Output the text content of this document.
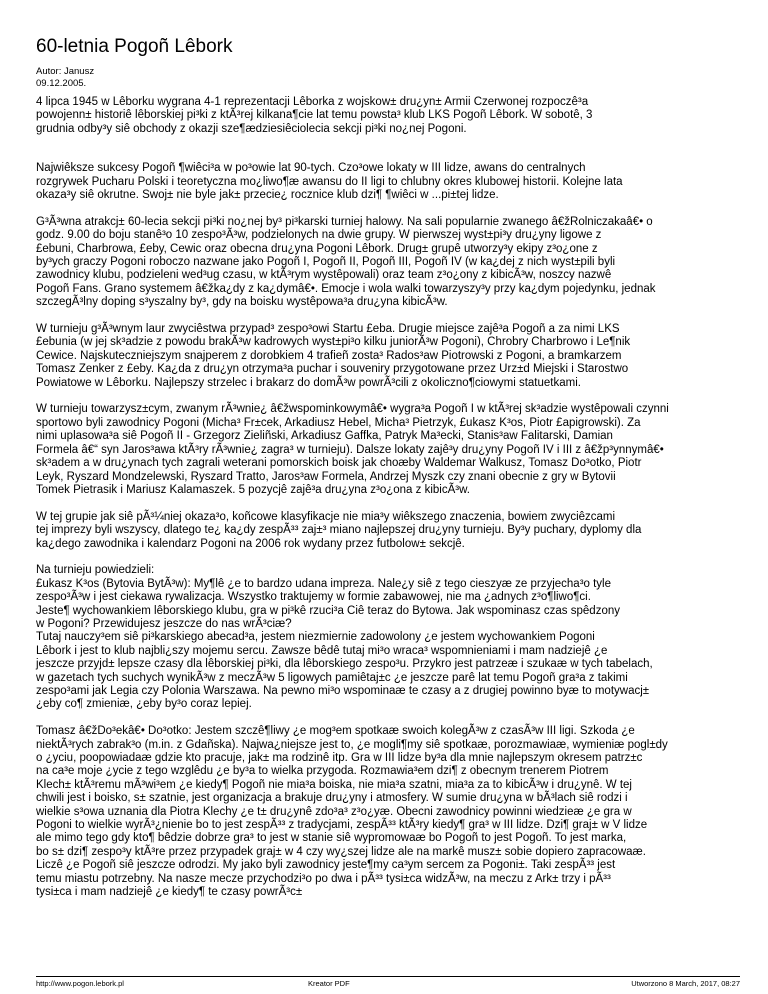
60-letnia Pogoñ Lêbork
Autor: Janusz
09.12.2005.

4 lipca 1945 w Lêborku wygrana 4-1 reprezentacji Lêborka z wojskow± dru¿yn± Armii Czerwonej rozpoczê³a
powojenn± historiê lêborskiej pi³ki z ktÃ³rej kilkana¶cie lat temu powsta³ klub LKS Pogoñ Lêbork. W sobotê, 3
grudnia odby³y siê obchody z okazji sze¶ædziesiêciolecia sekcji pi³ki no¿nej Pogoni.

Najwiêksze sukcesy Pogoñ ¶wiêci³a w po³owie lat 90-tych. Czo³owe lokaty w III lidze, awans do centralnych
rozgrywek Pucharu Polski i teoretyczna mo¿liwo¶æ awansu do II ligi to chlubny okres klubowej historii. Kolejne lata
okaza³y siê okrutne. Swoj± nie byle jak± przecie¿ rocznice klub dzi¶ ¶wiêci w ...pi±tej lidze.

G³Ã³wna atrakcj± 60-lecia sekcji pi³ki no¿nej by³ pi³karski turniej halowy. Na sali popularnie zwanego â€žRolniczakaâ€• o
godz. 9.00 do boju stanê³o 10 zespo³Ã³w, podzielonych na dwie grupy. W pierwszej wyst±pi³y dru¿yny ligowe z
£ebuni, Charbrowa, £eby, Cewic oraz obecna dru¿yna Pogoni Lêbork. Drug± grupê utworzy³y ekipy z³o¿one z
by³ych graczy Pogoni roboczo nazwane jako Pogoñ I, Pogoñ II, Pogoñ III, Pogoñ IV (w ka¿dej z nich wyst±pili byli
zawodnicy klubu, podzieleni wed³ug czasu, w ktÃ³rym wystêpowali) oraz team z³o¿ony z kibicÃ³w, noszcy nazwê
Pogoñ Fans. Grano systemem â€žka¿dy z ka¿dymâ€•. Emocje i wola walki towarzyszy³y przy ka¿dym pojedynku, jednak
szczegÃ³lny doping s³yszalny by³, gdy na boisku wystêpowa³a dru¿yna kibicÃ³w.

W turnieju g³Ã³wnym laur zwyciêstwa przypad³ zespo³owi Startu £eba. Drugie miejsce zajê³a Pogoñ a za nimi LKS
£ebunia (w jej sk³adzie z powodu brakÃ³w kadrowych wyst±pi³o kilku juniorÃ³w Pogoni), Chrobry Charbrowo i Le¶nik
Cewice. Najskuteczniejszym snajperem z dorobkiem 4 trafieñ zosta³ Rados³aw Piotrowski z Pogoni, a bramkarzem
Tomasz Zenker z £eby. Ka¿da z dru¿yn otrzyma³a puchar i souveniry przygotowane przez Urz±d Miejski i Starostwo
Powiatowe w Lêborku. Najlepszy strzelec i brakarz do domÃ³w powrÃ³cili z okoliczno¶ciowymi statuetkami.

W turnieju towarzysz±cym, zwanym rÃ³wnie¿ â€žwspominkowymâ€• wygra³a Pogoñ I w ktÃ³rej sk³adzie wystêpowali czynni
sportowo byli zawodnicy Pogoni (Micha³ Fr±cek, Arkadiusz Hebel, Micha³ Pietrzyk, £ukasz K³os, Piotr £apigrowski). Za
nimi uplasowa³a siê Pogoñ II - Grzegorz Zieliñski, Arkadiusz Gaffka, Patryk Ma³ecki, Stanis³aw Falitarski, Damian
Formela â€“ syn Jaros³awa ktÃ³ry rÃ³wnie¿ zagra³ w turnieju). Dalsze lokaty zajê³y dru¿yny Pogoñ IV i III z â€žp³ynnymâ€•
sk³adem a w dru¿ynach tych zagrali weterani pomorskich boisk jak choæby Waldemar Walkusz, Tomasz Do³otko, Piotr
Leyk, Ryszard Mondzelewski, Ryszard Tratto, Jaros³aw Formela, Andrzej Myszk czy znani obecnie z gry w Bytovii
Tomek Pietrasik i Mariusz Kalamaszek. 5 pozycjê zajê³a dru¿yna z³o¿ona z kibicÃ³w.

W tej grupie jak siê pÃ³¼niej okaza³o, koñcowe klasyfikacje nie mia³y wiêkszego znaczenia, bowiem zwyciêzcami
tej imprezy byli wszyscy, dlatego te¿ ka¿dy zespÃ³³ zaj±³ miano najlepszej dru¿yny turnieju. By³y puchary, dyplomy dla
ka¿dego zawodnika i kalendarz Pogoni na 2006 rok wydany przez futbolow± sekcjê.

Na turnieju powiedzieli:
£ukasz K³os (Bytovia BytÃ³w): My¶lê ¿e to bardzo udana impreza. Nale¿y siê z tego cieszyæ ze przyjecha³o tyle
zespo³Ã³w i jest ciekawa rywalizacja. Wszystko traktujemy w formie zabawowej, nie ma ¿adnych z³o¶liwo¶ci.
Jeste¶ wychowankiem lêborskiego klubu, gra w pi³kê rzuci³a Ciê teraz do Bytowa. Jak wspominasz czas spêdzony
w Pogoni? Przewidujesz jeszcze do nas wrÃ³ciæ?
Tutaj nauczy³em siê pi³karskiego abecad³a, jestem niezmiernie zadowolony ¿e jestem wychowankiem Pogoni
Lêbork i jest to klub najbli¿szy mojemu sercu. Zawsze bêdê tutaj mi³o wraca³ wspomnieniami i mam nadziejê ¿e
jeszcze przyjd± lepsze czasy dla lêborskiej pi³ki, dla lêborskiego zespo³u. Przykro jest patrzeæ i szukaæ w tych tabelach,
w gazetach tych suchych wynikÃ³w z meczÃ³w 5 ligowych pamiêtaj±c ¿e jeszcze parê lat temu Pogoñ gra³a z takimi
zespo³ami jak Legia czy Polonia Warszawa. Na pewno mi³o wspominaæ te czasy a z drugiej powinno byæ to motywacj±
¿eby co¶ zmieniæ, ¿eby by³o coraz lepiej.

Tomasz â€žDo³ekâ€• Do³otko: Jestem szczê¶liwy ¿e mog³em spotkaæ swoich kolegÃ³w z czasÃ³w III ligi. Szkoda ¿e
niektÃ³rych zabrak³o (m.in. z Gdañska). Najwa¿niejsze jest to, ¿e mogli¶my siê spotkaæ, porozmawiaæ, wymieniæ pogl±dy
o ¿yciu, poopowiadaæ gdzie kto pracuje, jak± ma rodzinê itp. Gra w III lidze by³a dla mnie najlepszym okresem patrz±c
na ca³e moje ¿ycie z tego wzglêdu ¿e by³a to wielka przygoda. Rozmawia³em dzi¶ z obecnym trenerem Piotrem
Klech± ktÃ³remu mÃ³wi³em ¿e kiedy¶ Pogoñ nie mia³a boiska, nie mia³a szatni, mia³a za to kibicÃ³w i dru¿ynê. W tej
chwili jest i boisko, s± szatnie, jest organizacja a brakuje dru¿yny i atmosfery. W sumie dru¿yna w bÃ³lach siê rodzi i
wielkie s³owa uznania dla Piotra Klechy ¿e t± dru¿ynê zdo³a³ z³o¿yæ. Obecni zawodnicy powinni wiedzieæ ¿e gra w
Pogoni to wielkie wyrÃ³¿nienie bo to jest zespÃ³³ z tradycjami, zespÃ³³ ktÃ³ry kiedy¶ gra³ w III lidze. Dzi¶ graj± w V lidze
ale mimo tego gdy kto¶ bêdzie dobrze gra³ to jest w stanie siê wypromowaæ bo Pogoñ to jest Pogoñ. To jest marka,
bo s± dzi¶ zespo³y ktÃ³re przez przypadek graj± w 4 czy wy¿szej lidze ale na markê musz± sobie dopiero zapracowaæ.
Liczê ¿e Pogoñ siê jeszcze odrodzi. My jako byli zawodnicy jeste¶my ca³ym sercem za Pogoni±. Taki zespÃ³³ jest
temu miastu potrzebny. Na nasze mecze przychodzi³o po dwa i pÃ³³ tysi±ca widzÃ³w, na meczu z Ark± trzy i pÃ³³
tysi±ca i mam nadziejê ¿e kiedy¶ te czasy powrÃ³c±

http://www.pogon.lebork.pl	Kreator PDF	Utworzono 8 March, 2017, 08:27
